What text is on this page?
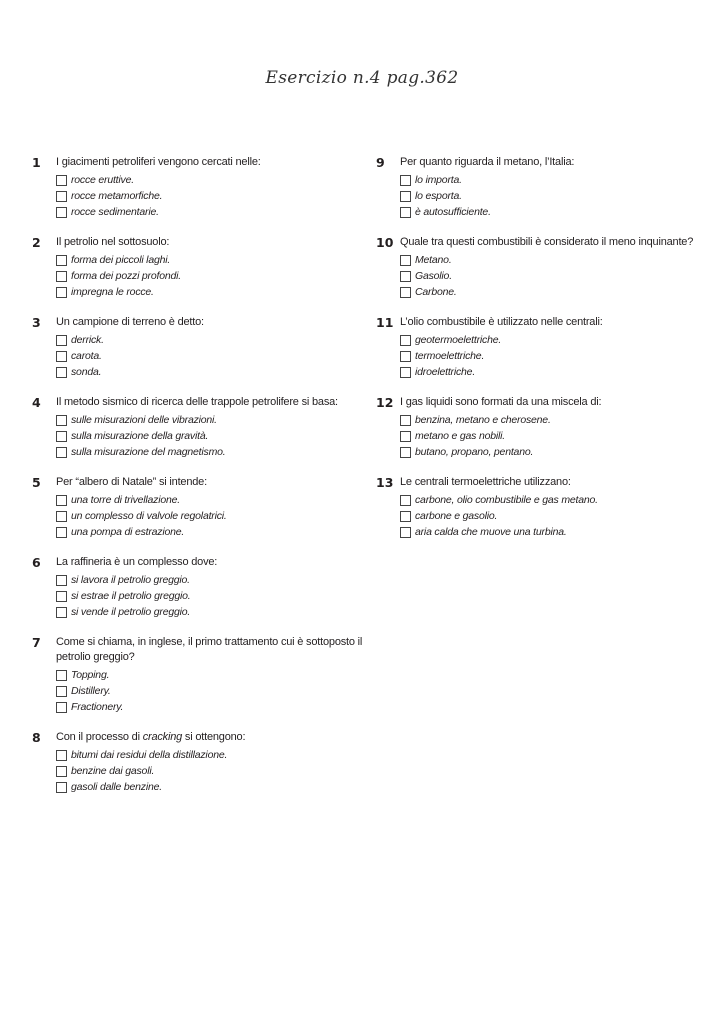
Esercizio n.4 pag.362
1	I giacimenti petroliferi vengono cercati nelle:
rocce eruttive.
rocce metamorfiche.
rocce sedimentarie.
2	Il petrolio nel sottosuolo:
forma dei piccoli laghi.
forma dei pozzi profondi.
impregna le rocce.
3	Un campione di terreno è detto:
derrick.
carota.
sonda.
4	Il metodo sismico di ricerca delle trappole petrolifere si basa:
sulle misurazioni delle vibrazioni.
sulla misurazione della gravità.
sulla misurazione del magnetismo.
5	Per “albero di Natale” si intende:
una torre di trivellazione.
un complesso di valvole regolatrici.
una pompa di estrazione.
6	La raffineria è un complesso dove:
si lavora il petrolio greggio.
si estrae il petrolio greggio.
si vende il petrolio greggio.
7	Come si chiama, in inglese, il primo trattamento cui è sottoposto il petrolio greggio?
Topping.
Distillery.
Fractionery.
8	Con il processo di cracking si ottengono:
bitumi dai residui della distillazione.
benzine dai gasoli.
gasoli dalle benzine.
9	Per quanto riguarda il metano, l’Italia:
lo importa.
lo esporta.
è autosufficiente.
10 Quale tra questi combustibili è considerato il meno inquinante?
Metano.
Gasolio.
Carbone.
11 L’olio combustibile è utilizzato nelle centrali:
geotermoelettriche.
termoelettriche.
idroelettriche.
12 I gas liquidi sono formati da una miscela di:
benzina, metano e cherosene.
metano e gas nobili.
butano, propano, pentano.
13 Le centrali termoelettriche utilizzano:
carbone, olio combustibile e gas metano.
carbone e gasolio.
aria calda che muove una turbina.
